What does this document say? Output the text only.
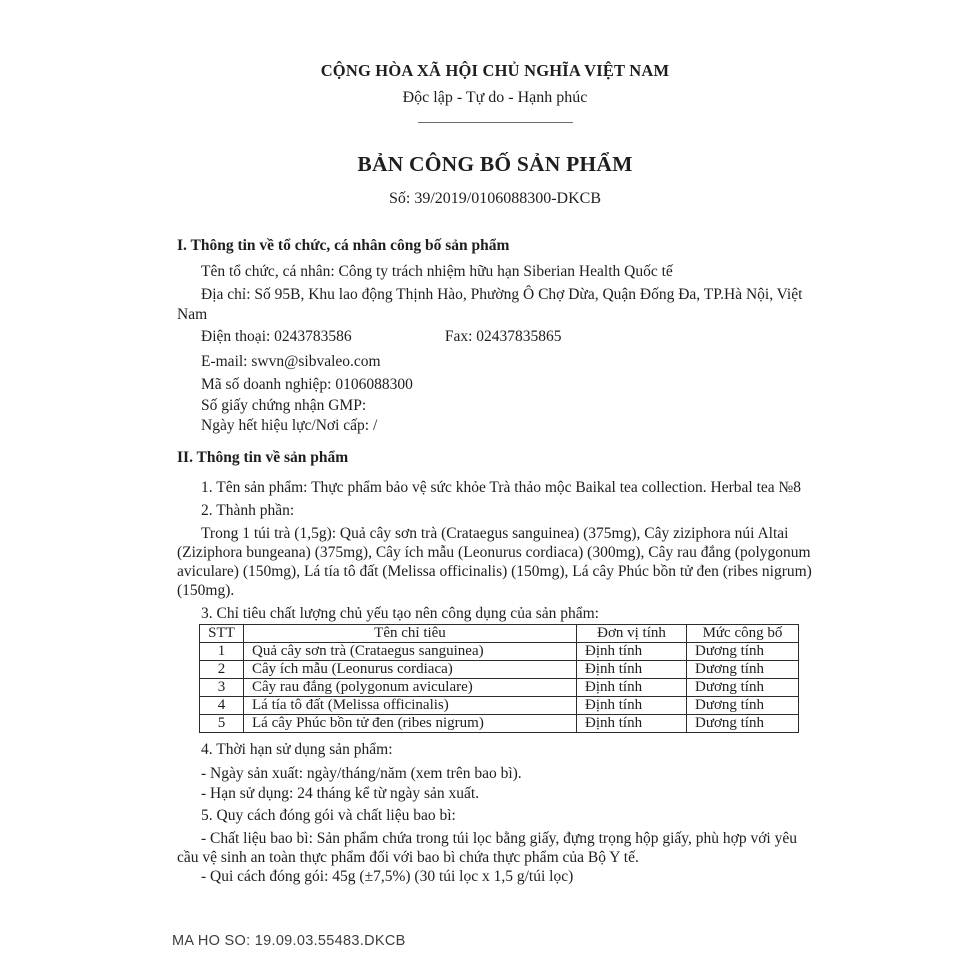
CỘNG HÒA XÃ HỘI CHỦ NGHĨA VIỆT NAM

Độc lập - Tự do - Hạnh phúc

BẢN CÔNG BỐ SẢN PHẨM

Số: 39/2019/0106088300-DKCB

I. Thông tin về tổ chức, cá nhân công bố sản phẩm

Tên tổ chức, cá nhân: Công ty trách nhiệm hữu hạn Siberian Health Quốc tế

Địa chỉ: Số 95B, Khu lao động Thịnh Hào, Phường Ô Chợ Dừa, Quận Đống Đa, TP.Hà Nội, Việt Nam

Điện thoại: 0243783586	Fax: 02437835865

E-mail: swvn@sibvaleo.com

Mã số doanh nghiệp: 0106088300

Số giấy chứng nhận GMP:

Ngày hết hiệu lực/Nơi cấp: /

II. Thông tin về sản phẩm

1. Tên sản phẩm: Thực phẩm bảo vệ sức khỏe Trà thảo mộc Baikal tea collection. Herbal tea №8

2. Thành phần:

Trong 1 túi trà (1,5g): Quả cây sơn trà (Crataegus sanguinea) (375mg), Cây ziziphora núi Altai (Ziziphora bungeana) (375mg), Cây ích mẫu (Leonurus cordiaca) (300mg), Cây rau đắng (polygonum aviculare) (150mg), Lá tía tô đất (Melissa officinalis) (150mg), Lá cây Phúc bồn tử đen (ribes nigrum) (150mg).

3. Chỉ tiêu chất lượng chủ yếu tạo nên công dụng của sản phẩm:

STT	Tên chỉ tiêu	Đơn vị tính	Mức công bố
1	Quả cây sơn trà (Crataegus sanguinea)	Định tính	Dương tính
2	Cây ích mẫu (Leonurus cordiaca)	Định tính	Dương tính
3	Cây rau đắng (polygonum aviculare)	Định tính	Dương tính
4	Lá tía tô đất (Melissa officinalis)	Định tính	Dương tính
5	Lá cây Phúc bồn tử đen (ribes nigrum)	Định tính	Dương tính

4. Thời hạn sử dụng sản phẩm:

- Ngày sản xuất: ngày/tháng/năm (xem trên bao bì).

- Hạn sử dụng: 24 tháng kể từ ngày sản xuất.

5. Quy cách đóng gói và chất liệu bao bì:

- Chất liệu bao bì: Sản phẩm chứa trong túi lọc bằng giấy, đựng trọng hộp giấy, phù hợp với yêu cầu vệ sinh an toàn thực phẩm đối với bao bì chứa thực phẩm của Bộ Y tế.

- Qui cách đóng gói: 45g (±7,5%) (30 túi lọc x 1,5 g/túi lọc)

MA HO SO: 19.09.03.55483.DKCB
